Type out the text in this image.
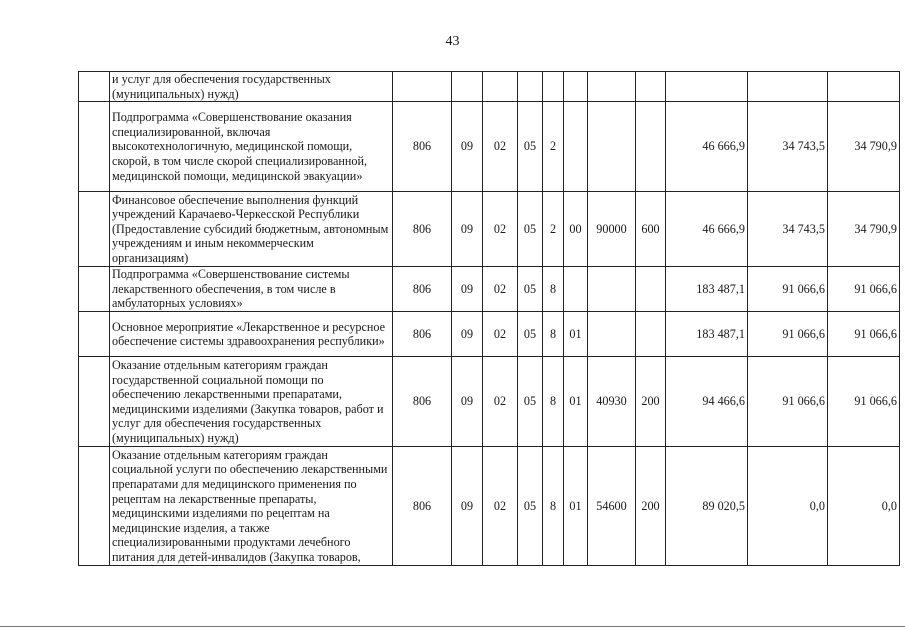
43
	и услуг для обеспечения государственных (муниципальных) нужд)											
	Подпрограмма «Совершенствование оказания специализированной, включая высокотехнологичную, медицинской помощи, скорой, в том числе скорой специализированной, медицинской помощи, медицинской эвакуации»	806	09	02	05	2				46 666,9	34 743,5	34 790,9
	Финансовое обеспечение выполнения функций учреждений Карачаево-Черкесской Республики (Предоставление субсидий бюджетным, автономным учреждениям и иным некоммерческим организациям)	806	09	02	05	2	00	90000	600	46 666,9	34 743,5	34 790,9
	Подпрограмма «Совершенствование системы лекарственного обеспечения, в том числе в амбулаторных условиях»	806	09	02	05	8				183 487,1	91 066,6	91 066,6
	Основное мероприятие «Лекарственное и ресурсное обеспечение системы здравоохранения республики»	806	09	02	05	8	01			183 487,1	91 066,6	91 066,6
	Оказание отдельным категориям граждан государственной социальной помощи по обеспечению лекарственными препаратами, медицинскими изделиями (Закупка товаров, работ и услуг для обеспечения государственных (муниципальных) нужд)	806	09	02	05	8	01	40930	200	94 466,6	91 066,6	91 066,6
	Оказание отдельным категориям граждан социальной услуги по обеспечению лекарственными препаратами для медицинского применения по рецептам на лекарственные препараты, медицинскими изделиями по рецептам на медицинские изделия, а также специализированными продуктами лечебного питания для детей-инвалидов (Закупка товаров,	806	09	02	05	8	01	54600	200	89 020,5	0,0	0,0
